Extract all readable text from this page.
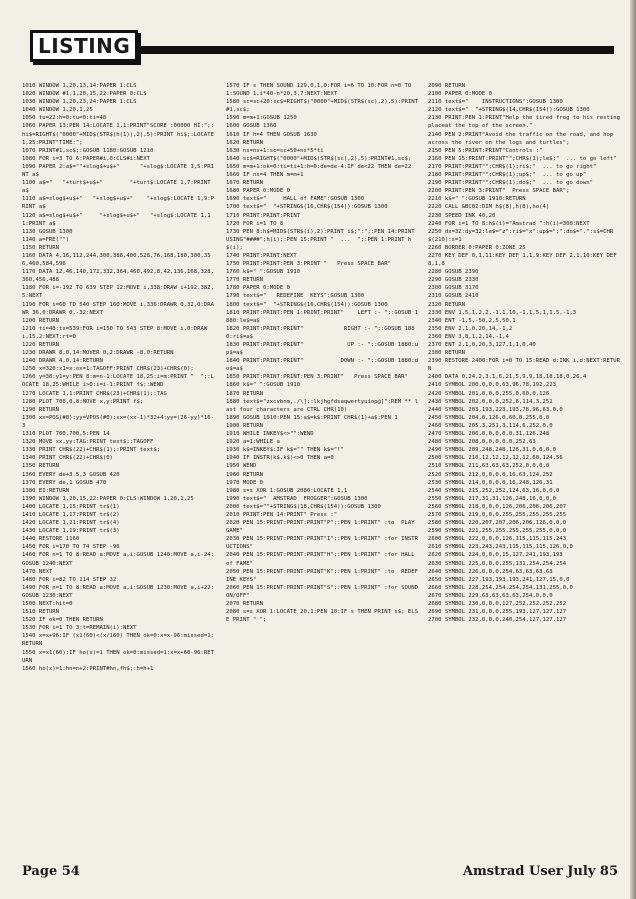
LISTING
1010 WINDOW 1,20,13,14:PAPER 1:CLS
1020 WINDOW #1,1,20,15,22:PAPER 0:CLS
1030 WINDOW 1,20,23,24:PAPER 1:CLS
1040 WINDOW 1,20,1,25
1050 tu=22:h=0:tu=0:ti=48
1060 PAPER 13:PEN 14:LOCATE 1,1:PRINT"SCORE :00000 HI:";:hi$=RIGHT$("0000"+MID$(STR$(h(1)),2),5):PRINT hi$;:LOCATE 1,25:PRINT"TIME:";
1070 PRINT#1,sc$;:GOSUB 1180:GOSUB 1210
1080 FOR i=3 TO 6:PAPER#i,0:CLS#i:NEXT
1090 PAPER 2:a$=""+slog$+u$+"      "+slog$:LOCATE 1,5:PRINT a$
1100 a$="   "+turt$+u$+"        "+turt$:LOCATE 1,7:PRINT a$
1110 a$=slog$+u$+"   "+slog$+u$+"    "+slog$:LOCATE 1,9:PRINT a$
1120 a$=slog$+u$+"     "+slog$+u$+"   "+slog$:LOCATE 1,11:PRINT a$
1130 GOSUB 1300
1140 a=FRE("")
1150 RETURN
1160 DATA 4,16,112,244,300,388,400,528,76,168,180,300,356,460,584,596
1170 DATA 12,46,140,172,332,364,460,492,8,42,136,168,328,360,456,488
1180 FOR i=-192 TO 639 STEP 12:MOVE i,338:DRAW i+192,382,5:NEXT
1190 FOR i=60 TO 540 STEP 160:MOVE i,336:DRAWR 0,32,0:DRAWR 36,0:DRAWR 0,-32:NEXT
1200 RETURN
1210 ti=48:tx=539:FOR i=150 TO 543 STEP 8:MOVE i,0:DRAW i,15,2:NEXT:rt=0
1220 RETURN
1230 DRAWR 8,0,14:MOVER 0,2:DRAWR -8,0:RETURN
1240 DRAWR 4,0,14:RETURN
1250 x=320:x1=x:ox=1:TAGOFF:PRINT CHR$(23)+CHR$(0);
1260 y=38:y1=y:PEN 8:m=n-1:LOCATE 18,25:i=m:PRINT "  ";:LOCATE 18,25:WHILE i>0:i=i-1:PRINT f$;:WEND
1270 LOCATE 1,1:PRINT CHR$(23)+CHR$(1);:TAG
1280 PLOT 700,0,8:MOVE x,y:PRINT f$;
1290 RETURN
1300 xx=POS(#0):yy=VPOS(#0):xx=(xx-1)*32+4:yy=(26-yy)*16-3
1310 PLOT 700,700,5:PEN 14
1320 MOVE xx,yy:TAG:PRINT text$;:TAGOFF
1330 PRINT CHR$(22)+CHR$(1);:PRINT text$;
1340 PRINT CHR$(22)+CHR$(0)
1350 RETURN
1360 EVERY de+3.5,3 GOSUB 420
1370 EVERY de,1 GOSUB 470
1380 EI:RETURN
1390 WINDOW 1,20,15,22:PAPER 0:CLS:WINDOW 1,20,1,25
1400 LOCATE 1,15:PRINT tr$(1)
1410 LOCATE 1,17:PRINT tr$(2)
1420 LOCATE 1,21:PRINT tr$(4)
1430 LOCATE 1,19:PRINT tr$(3)
1440 RESTORE 1160
1450 FOR i=170 TO 74 STEP -96
1460 FOR n=1 TO 8:READ a:MOVE a,i:GOSUB 1240:MOVE a,i-24:GOSUB 1240:NEXT
1470 NEXT
1480 FOR i=82 TO 114 STEP 32
1490 FOR n=1 TO 8:READ a:MOVE a,i:GOSUB 1230:MOVE a,i+22:GOSUB 1230:NEXT
1500 NEXT:hit=0
1510 RETURN
1520 IF ok=0 THEN RETURN
1530 FOR i=1 TO 3:t=REMAIN(i):NEXT
1540 x=x+96:IF (x1(60)<(x/160) THEN ok=0:x=x-96:missed=1:RETURN
1550 x=x1(60):IF ho(x)=1 THEN ok=0:missed=1:x=x+60-96:RETURN
1560 ho(x)=1:hn=n+2:PRINT#hn,fh$;:h=h+1
1570 IF s THEN SOUND 129,0,1,0:FOR i=6 TO 10:FOR n=0 TO 1:SOUND 1,i*40-n*20,3,7:NEXT:NEXT
1580 sc=sc+20:sc$=RIGHT$("0000"+MID$(STR$(sc),2),5):PRINT#1,sc$;
1590 m=m+1:GOSUB 1250
1600 GOSUB 1360
1610 IF h=4 THEN GOSUB 1630
1620 RETURN
1630 ns=ns+1:sc=sc+50+ns*5*ti
1640 sc$=RIGHT$("0000"+MID$(STR$(sc),2),5):PRINT#1,sc$;
1650 m=m+1:ok=0:ti=ti+1:h=0:de=de-4:IF de<22 THEN de=22
1660 IF ns=4 THEN m=m+1
1670 RETURN
1680 PAPER 0:MODE 0
1690 text$="     HALL of FAME":GOSUB 1300
1700 text$="  "+STRING$(16,CHR$(154)):GOSUB 1300
1710 PRINT:PRINT:PRINT
1720 FOR i=1 TO 8
1730 PEN 8:h$=MID$(STR$(i),2):PRINT i$;":";:PEN 14:PRINT USING"####";h(i);:PEN 15:PRINT "  ...  ";:PEN 1:PRINT h$(i);
1740 PRINT:PRINT:NEXT
1750 PRINT:PRINT:PEN 3:PRINT "   Press SPACE BAR"
1760 k$=" ":GOSUB 1910
1770 RETURN
1780 PAPER 0:MODE 0
1790 text$="   REDEFINE  KEYS":GOSUB 1300
1800 text$="  "+STRING$(16,CHR$(154)):GOSUB 1300
1810 PRINT:PRINT:PEN 1:PRINT:PRINT"    LEFT :- ";:GOSUB 1880:le$=a$
1820 PRINT:PRINT:PRINT"            RIGHT :- ";:GOSUB 1880:ri$=a$
1830 PRINT:PRINT:PRINT"             UP :- ";:GOSUB 1880:up$=a$
1840 PRINT:PRINT:PRINT"           DOWN :- ";:GOSUB 1880:do$=a$
1850 PRINT:PRINT:PRINT:PEN 3:PRINT"   Press SPACE BAR"
1860 k$=" ":GOSUB 1910
1870 RETURN
1880 text$="zxcvbnm,./\];:lkjhgfdsaqwertyuiop@[":REM ** last four characters are CTRL CHR(10)
1890 GOSUB 1910:PEN 15:a$=k$:PRINT CHR$(1)+a$:PEN 1
1900 RETURN
1910 WHILE INKEY$<>"":WEND
1920 a=1:WHILE a
1930 k$=INKEY$:IF k$="" THEN k$="!"
1940 IF INSTR(k$,k$)<>0 THEN a=0
1950 WEND
1960 RETURN
1970 MODE 0
1980 s=s XOR 1:GOSUB 2080:LOCATE 1,1
1990 text$="  AMSTRAD  FROGGER":GOSUB 1300
2000 text$=""+STRING$(18,CHR$(154)):GOSUB 1300
2010 PRINT:PEN 14:PRINT" Press :"
2020 PEN 15:PRINT:PRINT:PRINT"P";:PEN 1:PRINT" :to  PLAY GAME"
2030 PEN 15:PRINT:PRINT:PRINT"I";:PEN 1:PRINT" :for INSTRUCTIONS"
2040 PEN 15:PRINT:PRINT:PRINT"H";:PEN 1:PRINT" :for HALL of FAME"
2050 PEN 15:PRINT:PRINT:PRINT"K";:PEN 1:PRINT" :to  REDEFINE KEYS"
2060 PEN 15:PRINT:PRINT:PRINT"S";:PEN 1:PRINT" :for SOUND ON/OFF"
2070 RETURN
2080 s=s XOR 1:LOCATE 20,1:PEN 10:IF s THEN PRINT s$; ELSE PRINT " ";
2090 RETURN
2100 PAPER 0:MODE 0
2110 text$="    INSTRUCTIONS":GOSUB 1300
2120 text$="  "+STRING$(14,CHR$(154)):GOSUB 1300
2130 PRINT:PEN 1:PRINT"Help the tired frog to his resting placeat the top of the screen."
2140 PEN 2:PRINT"Avoid the traffic on the road, and hop  across the river on the logs and turtles";
2150 PEN 5:PRINT:PRINT"Controls :"
2160 PEN 15:PRINT:PRINT"";CHR$(1);le$;"  ... to go left"
2170 PRINT:PRINT"";CHR$(1);ri$;"  ... to go right"
2180 PRINT:PRINT"";CHR$(1);up$;"  ... to go up"
2190 PRINT:PRINT"";CHR$(1);do$;"  ... to go down"
2200 PRINT:PEN 3:PRINT"  Press SPACE BAR";
2210 k$=" ":GOSUB 1910:RETURN
2220 CALL &BC02:DIM h$(8),h(8),ho(4)
2230 SPEED INK 40,20
2240 FOR i=1 TO 8:h$(i)="Amstrad ":h(i)=300:NEXT
2250 dx=32:dy=32:le$="z":ri$="x":up$=";":do$=".":s$=CHR$(210):s=1
2260 BORDER 0:PAPER 0:ZONE 25
2270 KEY DEF 0,1,11:KEY DEF 1,1,9:KEY DEF 2,1,10:KEY DEF 8,1,8
2280 GOSUB 2390
2290 GOSUB 2330
2300 GOSUB 3170
2310 GOSUB 2410
2320 RETURN
2330 ENV 1,5,1,2,2,-1,1,10,-1,1,5,1,1,5,-1,3
2340 ENT -1,5,-50,2,5,50,1
2350 ENV 2,1,0,20,14,-1,2
2360 ENV 3,8,1,2,14,-1,4
2370 ENT 2,1,0,20,3,127,1,1,0,40
2380 RETURN
2390 RESTORE 2400:FOR i=0 TO 15:READ d:INK i,d:NEXT:RETURN
2400 DATA 0,24,2,3,1,6,21,5,9,9,18,18,18,0,26,4
2410 SYMBOL 200,0,0,0,63,96,78,192,223
2420 SYMBOL 201,0,0,0,255,0,60,0,126
2430 SYMBOL 202,0,0,0,252,6,114,3,251
2440 SYMBOL 203,193,223,193,78,96,63,0,0
2450 SYMBOL 204,0,126,0,60,0,255,0,0
2460 SYMBOL 205,3,251,3,114,6,252,0,0
2470 SYMBOL 206,0,0,0,0,0,31,126,248
2480 SYMBOL 208,0,0,0,0,0,252,63
2490 SYMBOL 209,248,248,126,31,0,0,0,0
2500 SYMBOL 210,12,12,12,12,12,60,124,56
2510 SYMBOL 211,63,63,63,252,0,0,0,0
2520 SYMBOL 212,0,0,0,0,16,63,124,252
2530 SYMBOL 214,0,0,0,0,16,248,126,31
2540 SYMBOL 215,252,252,124,63,16,0,0,0
2550 SYMBOL 217,31,31,126,248,16,0,0,0
2560 SYMBOL 218,0,0,0,126,206,206,206,207
2570 SYMBOL 219,0,0,0,255,255,255,255,255
2580 SYMBOL 220,207,207,206,206,126,0,0,0
2590 SYMBOL 221,255,255,255,255,255,0,0,0
2600 SYMBOL 222,0,0,0,126,115,115,115,243
2610 SYMBOL 223,243,243,115,115,115,126,0,0
2620 SYMBOL 224,0,0,0,15,127,241,193,193
2630 SYMBOL 225,0,0,0,255,131,254,254,254
2640 SYMBOL 226,0,0,0,254,63,63,63,63
2650 SYMBOL 227,193,193,193,241,127,15,0,0
2660 SYMBOL 228,254,254,254,254,131,255,0,0
2670 SYMBOL 229,63,63,63,63,254,0,0,0
2680 SYMBOL 230,0,0,0,127,252,252,252,252
2690 SYMBOL 231,0,0,0,255,193,127,127,127
2700 SYMBOL 232,0,0,0,240,254,127,127,127
Page 54	Amstrad User July 85
